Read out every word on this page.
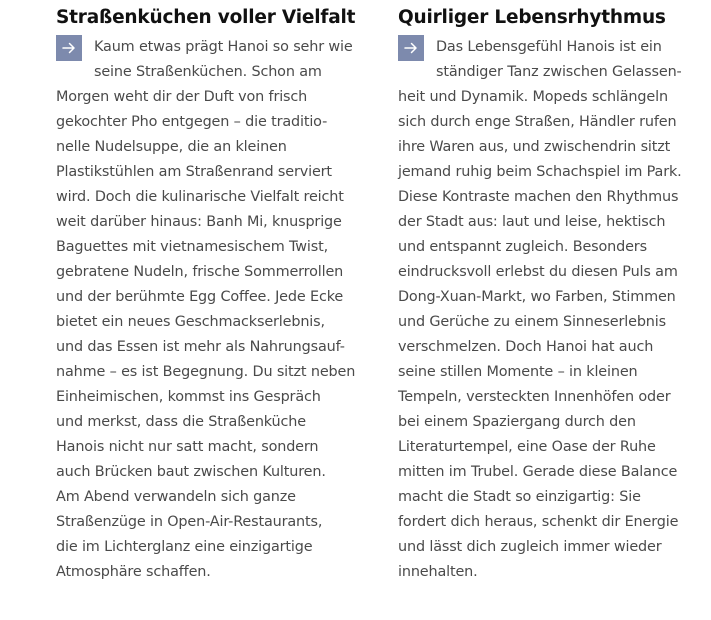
Straßenküchen voller Vielfalt
Kaum etwas prägt Hanoi so sehr wie
seine Straßenküchen. Schon am
Morgen weht dir der Duft von frisch
gekochter Pho entgegen – die traditio-
nelle Nudelsuppe, die an kleinen
Plastikstühlen am Straßenrand serviert
wird. Doch die kulinarische Vielfalt reicht
weit darüber hinaus: Banh Mi, knusprige
Baguettes mit vietnamesischem Twist,
gebratene Nudeln, frische Sommerrollen
und der berühmte Egg Coffee. Jede Ecke
bietet ein neues Geschmackserlebnis,
und das Essen ist mehr als Nahrungsauf-
nahme – es ist Begegnung. Du sitzt neben
Einheimischen, kommst ins Gespräch
und merkst, dass die Straßenküche
Hanois nicht nur satt macht, sondern
auch Brücken baut zwischen Kulturen.
Am Abend verwandeln sich ganze
Straßenzüge in Open-Air-Restaurants,
die im Lichterglanz eine einzigartige
Atmosphäre schaffen.
Quirliger Lebensrhythmus
Das Lebensgefühl Hanois ist ein
ständiger Tanz zwischen Gelassen-
heit und Dynamik. Mopeds schlängeln
sich durch enge Straßen, Händler rufen
ihre Waren aus, und zwischendrin sitzt
jemand ruhig beim Schachspiel im Park.
Diese Kontraste machen den Rhythmus
der Stadt aus: laut und leise, hektisch
und entspannt zugleich. Besonders
eindrucksvoll erlebst du diesen Puls am
Dong-Xuan-Markt, wo Farben, Stimmen
und Gerüche zu einem Sinneserlebnis
verschmelzen. Doch Hanoi hat auch
seine stillen Momente – in kleinen
Tempeln, versteckten Innenhöfen oder
bei einem Spaziergang durch den
Literaturtempel, eine Oase der Ruhe
mitten im Trubel. Gerade diese Balance
macht die Stadt so einzigartig: Sie
fordert dich heraus, schenkt dir Energie
und lässt dich zugleich immer wieder
innehalten.
